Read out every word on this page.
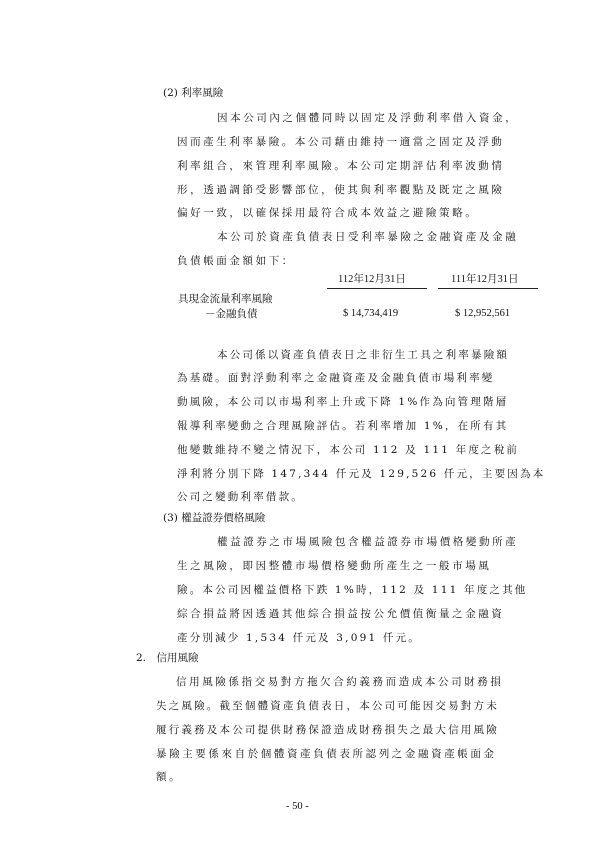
(2) 利率風險
因本公司內之個體同時以固定及浮動利率借入資金，
因而產生利率暴險。本公司藉由維持一適當之固定及浮動
利率組合，來管理利率風險。本公司定期評估利率波動情
形，透過調節受影響部位，使其與利率觀點及既定之風險
偏好一致，以確保採用最符合成本效益之避險策略。
本公司於資產負債表日受利率暴險之金融資產及金融
負債帳面金額如下：
112年12月31日	111年12月31日
具現金流量利率風險
－金融負債	$ 14,734,419	$ 12,952,561
本公司係以資產負債表日之非衍生工具之利率暴險額
為基礎。面對浮動利率之金融資產及金融負債市場利率變
動風險，本公司以市場利率上升或下降 1%作為向管理階層
報導利率變動之合理風險評估。若利率增加 1%，在所有其
他變數維持不變之情況下，本公司 112 及 111 年度之稅前
淨利將分別下降 147,344 仟元及 129,526 仟元，主要因為本
公司之變動利率借款。
(3) 權益證券價格風險
權益證券之市場風險包含權益證券市場價格變動所產
生之風險，即因整體市場價格變動所產生之一般市場風
險。本公司因權益價格下跌 1%時，112 及 111 年度之其他
綜合損益將因透過其他綜合損益按公允價值衡量之金融資
產分別減少 1,534 仟元及 3,091 仟元。
2.　信用風險
信用風險係指交易對方拖欠合約義務而造成本公司財務損
失之風險。截至個體資產負債表日，本公司可能因交易對方未
履行義務及本公司提供財務保證造成財務損失之最大信用風險
暴險主要係來自於個體資產負債表所認列之金融資產帳面金
額。
- 50 -
